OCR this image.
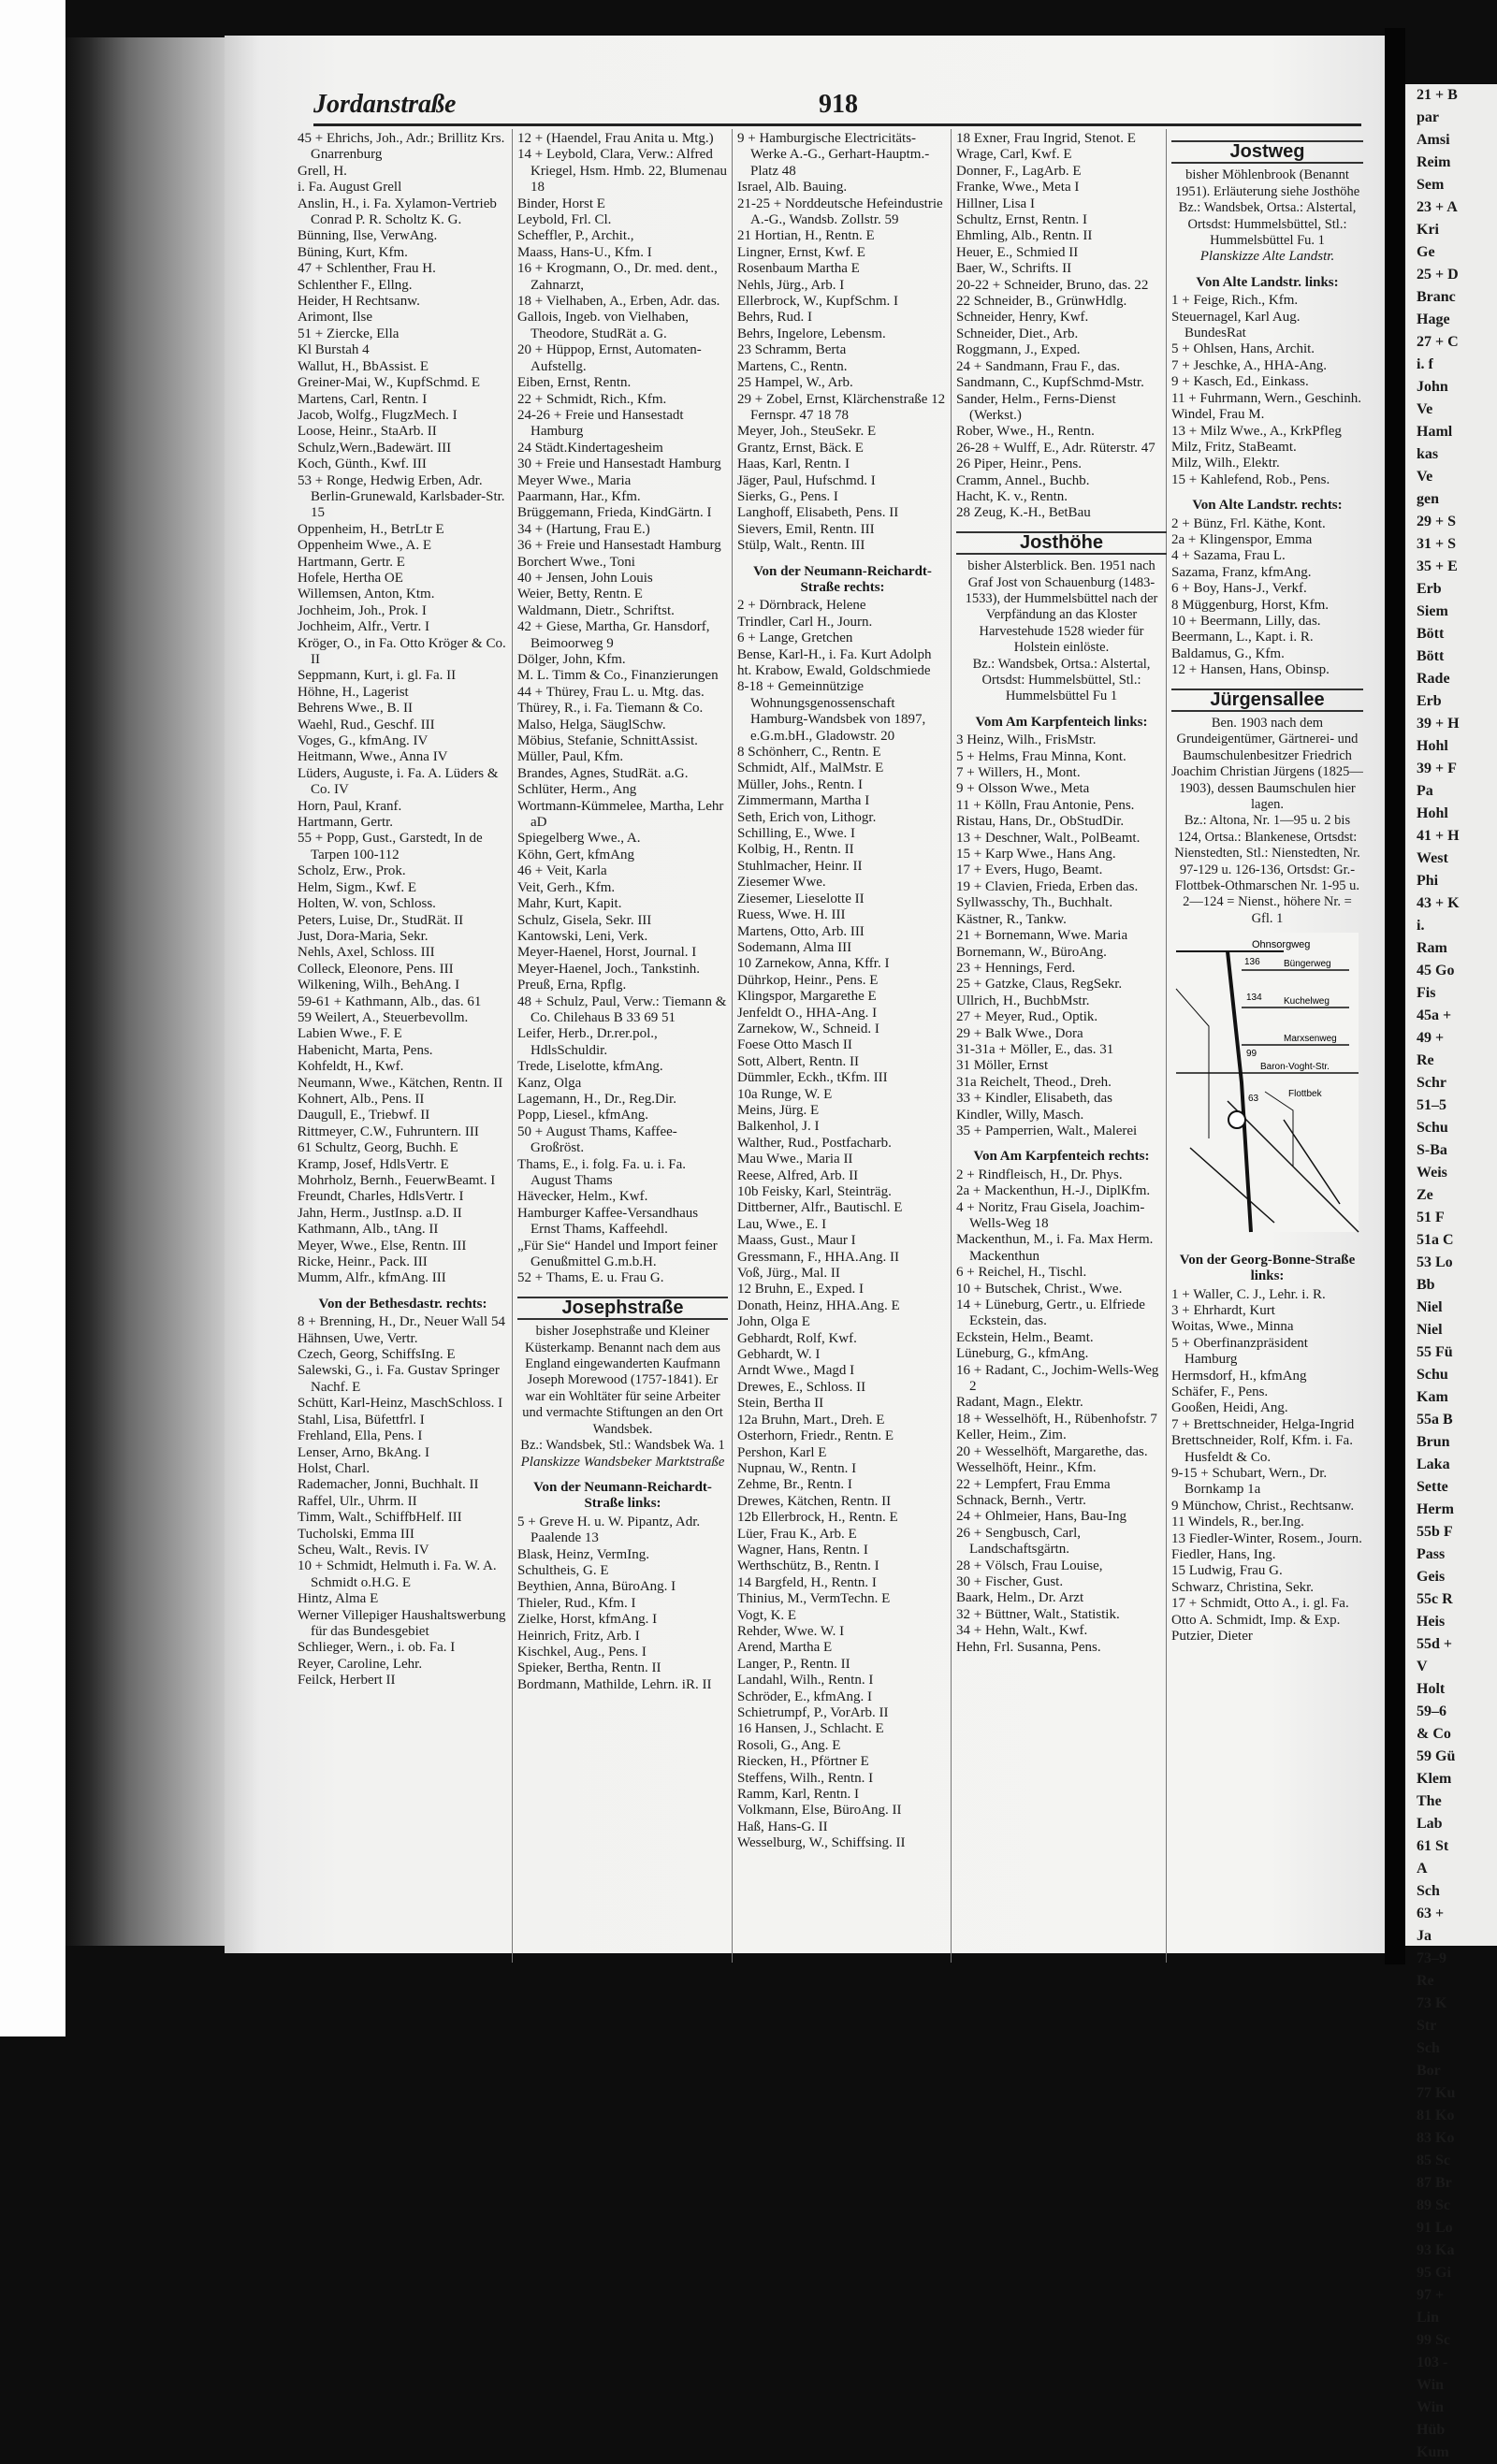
Jordanstraße	918

45 + Ehrichs, Joh., Adr.; Brillitz Krs. Gnarrenburg

Grell, H.

i. Fa. August Grell

Anslin, H., i. Fa. Xylamon-Vertrieb Conrad P. R. Scholtz K. G.

Bünning, Ilse, VerwAng.

Büning, Kurt, Kfm.

47 + Schlenther, Frau H.

Schlenther F., Ellng.

Heider, H Rechtsanw.

Arimont, Ilse

51 + Ziercke, Ella

Kl Burstah 4

Wallut, H., BbAssist. E

Greiner-Mai, W., KupfSchmd. E

Martens, Carl, Rentn. I

Jacob, Wolfg., FlugzMech. I

Loose, Heinr., StaArb. II

Schulz,Wern.,Badewärt. III

Koch, Günth., Kwf. III

53 + Ronge, Hedwig Erben, Adr. Berlin-Grunewald, Karlsbader-Str. 15

Oppenheim, H., BetrLtr E

Oppenheim Wwe., A. E

Hartmann, Gertr. E

Hofele, Hertha OE

Willemsen, Anton, Ktm.

Jochheim, Joh., Prok. I

Jochheim, Alfr., Vertr. I

Kröger, O., in Fa. Otto Kröger & Co. II

Seppmann, Kurt, i. gl. Fa. II

Höhne, H., Lagerist

Behrens Wwe., B. II

Waehl, Rud., Geschf. III

Voges, G., kfmAng. IV

Heitmann, Wwe., Anna IV

Lüders, Auguste, i. Fa. A. Lüders & Co. IV

Horn, Paul, Kranf.

Hartmann, Gertr.

55 + Popp, Gust., Garstedt, In de Tarpen 100-112

Scholz, Erw., Prok.

Helm, Sigm., Kwf. E

Holten, W. von, Schloss.

Peters, Luise, Dr., StudRät. II

Just, Dora-Maria, Sekr.

Nehls, Axel, Schloss. III

Colleck, Eleonore, Pens. III

Wilkening, Wilh., BehAng. I

59-61 + Kathmann, Alb., das. 61

59 Weilert, A., Steuerbevollm.

Labien Wwe., F. E

Habenicht, Marta, Pens.

Kohfeldt, H., Kwf.

Neumann, Wwe., Kätchen, Rentn. II

Kohnert, Alb., Pens. II

Daugull, E., Triebwf. II

Rittmeyer, C.W., Fuhruntern. III

61 Schultz, Georg, Buchh. E

Kramp, Josef, HdlsVertr. E

Mohrholz, Bernh., FeuerwBeamt. I

Freundt, Charles, HdlsVertr. I

Jahn, Herm., JustInsp. a.D. II

Kathmann, Alb., tAng. II

Meyer, Wwe., Else, Rentn. III

Ricke, Heinr., Pack. III

Mumm, Alfr., kfmAng. III

Von der Bethesdastr. rechts:

8 + Brenning, H., Dr., Neuer Wall 54

Hähnsen, Uwe, Vertr.

Czech, Georg, SchiffsIng. E

Salewski, G., i. Fa. Gustav Springer Nachf. E

Schütt, Karl-Heinz, MaschSchloss. I

Stahl, Lisa, Büfettfrl. I

Frehland, Ella, Pens. I

Lenser, Arno, BkAng. I

Holst, Charl.

Rademacher, Jonni, Buchhalt. II

Raffel, Ulr., Uhrm. II

Timm, Walt., SchiffbHelf. III

Tucholski, Emma III

Scheu, Walt., Revis. IV

10 + Schmidt, Helmuth i. Fa. W. A. Schmidt o.H.G. E

Hintz, Alma E

Werner Villepiger Haushaltswerbung für das Bundesgebiet

Schlieger, Wern., i. ob. Fa. I

Reyer, Caroline, Lehr.

Feilck, Herbert II

12 + (Haendel, Frau Anita u. Mtg.)

14 + Leybold, Clara, Verw.: Alfred Kriegel, Hsm. Hmb. 22, Blumenau 18

Binder, Horst E

Leybold, Frl. Cl.

Scheffler, P., Archit.,

Maass, Hans-U., Kfm. I

16 + Krogmann, O., Dr. med. dent., Zahnarzt,

18 + Vielhaben, A., Erben, Adr. das.

Gallois, Ingeb. von Vielhaben, Theodore, StudRät a. G.

20 + Hüppop, Ernst, Automaten-Aufstellg.

Eiben, Ernst, Rentn.

22 + Schmidt, Rich., Kfm.

24-26 + Freie und Hansestadt Hamburg

24 Städt.Kindertagesheim

30 + Freie und Hansestadt Hamburg

Meyer Wwe., Maria

Paarmann, Har., Kfm.

Brüggemann, Frieda, KindGärtn. I

34 + (Hartung, Frau E.)

36 + Freie und Hansestadt Hamburg

Borchert Wwe., Toni

40 + Jensen, John Louis

Weier, Betty, Rentn. E

Waldmann, Dietr., Schriftst.

42 + Giese, Martha, Gr. Hansdorf, Beimoorweg 9

Dölger, John, Kfm.

M. L. Timm & Co., Finanzierungen

44 + Thürey, Frau L. u. Mtg. das.

Thürey, R., i. Fa. Tiemann & Co.

Malso, Helga, SäuglSchw.

Möbius, Stefanie, SchnittAssist.

Müller, Paul, Kfm.

Brandes, Agnes, StudRät. a.G.

Schlüter, Herm., Ang

Wortmann-Kümmelee, Martha, Lehr aD

Spiegelberg Wwe., A.

Köhn, Gert, kfmAng

46 + Veit, Karla

Veit, Gerh., Kfm.

Mahr, Kurt, Kapit.

Schulz, Gisela, Sekr. III

Kantowski, Leni, Verk.

Meyer-Haenel, Horst, Journal. I

Meyer-Haenel, Joch., Tankstinh.

Preuß, Erna, Rpflg.

48 + Schulz, Paul, Verw.: Tiemann & Co. Chilehaus B 33 69 51

Leifer, Herb., Dr.rer.pol., HdlsSchuldir.

Trede, Liselotte, kfmAng.

Kanz, Olga

Lagemann, H., Dr., Reg.Dir.

Popp, Liesel., kfmAng.

50 + August Thams, Kaffee-Großröst.

Thams, E., i. folg. Fa. u. i. Fa. August Thams

Hävecker, Helm., Kwf.

Hamburger Kaffee-Versandhaus Ernst Thams, Kaffeehdl.

„Für Sie“ Handel und Import feiner Genußmittel G.m.b.H.

52 + Thams, E. u. Frau G.

Josephstraße

bisher Josephstraße und Kleiner Küsterkamp. Benannt nach dem aus England eingewanderten Kaufmann Joseph Morewood (1757-1841). Er war ein Wohltäter für seine Arbeiter und vermachte Stiftungen an den Ort Wandsbek.

Bz.: Wandsbek, Stl.: Wandsbek Wa. 1

Planskizze Wandsbeker Marktstraße

Von der Neumann-Reichardt-Straße links:

5 + Greve H. u. W. Pipantz, Adr. Paalende 13

Blask, Heinz, VermIng.

Schultheis, G. E

Beythien, Anna, BüroAng. I

Thieler, Rud., Kfm. I

Zielke, Horst, kfmAng. I

Heinrich, Fritz, Arb. I

Kischkel, Aug., Pens. I

Spieker, Bertha, Rentn. II

Bordmann, Mathilde, Lehrn. iR. II

9 + Hamburgische Electricitäts-Werke A.-G., Gerhart-Hauptm.-Platz 48

Israel, Alb. Bauing.

21-25 + Norddeutsche Hefeindustrie A.-G., Wandsb. Zollstr. 59

21 Hortian, H., Rentn. E

Lingner, Ernst, Kwf. E

Rosenbaum Martha E

Nehls, Jürg., Arb. I

Ellerbrock, W., KupfSchm. I

Behrs, Rud. I

Behrs, Ingelore, Lebensm.

23 Schramm, Berta

Martens, C., Rentn.

25 Hampel, W., Arb.

29 + Zobel, Ernst, Klärchenstraße 12 Fernspr. 47 18 78

Meyer, Joh., SteuSekr. E

Grantz, Ernst, Bäck. E

Haas, Karl, Rentn. I

Jäger, Paul, Hufschmd. I

Sierks, G., Pens. I

Langhoff, Elisabeth, Pens. II

Sievers, Emil, Rentn. III

Stülp, Walt., Rentn. III

Von der Neumann-Reichardt-Straße rechts:

2 + Dörnbrack, Helene

Trindler, Carl H., Journ.

6 + Lange, Gretchen

Bense, Karl-H., i. Fa. Kurt Adolph

ht. Krabow, Ewald, Goldschmiede

8-18 + Gemeinnützige Wohnungsgenossenschaft Hamburg-Wandsbek von 1897, e.G.m.bH., Gladowstr. 20

8 Schönherr, C., Rentn. E

Schmidt, Alf., MalMstr. E

Müller, Johs., Rentn. I

Zimmermann, Martha I

Seth, Erich von, Lithogr.

Schilling, E., Wwe. I

Kolbig, H., Rentn. II

Stuhlmacher, Heinr. II

Ziesemer Wwe.

Ziesemer, Lieselotte II

Ruess, Wwe. H. III

Martens, Otto, Arb. III

Sodemann, Alma III

10 Zarnekow, Anna, Kffr. I

Dührkop, Heinr., Pens. E

Klingspor, Margarethe E

Jenfeldt O., HHA-Ang. I

Zarnekow, W., Schneid. I

Foese Otto Masch II

Sott, Albert, Rentn. II

Dümmler, Eckh., tKfm. III

10a Runge, W. E

Meins, Jürg. E

Balkenhol, J. I

Walther, Rud., Postfacharb.

Mau Wwe., Maria II

Reese, Alfred, Arb. II

10b Feisky, Karl, Steinträg.

Dittberner, Alfr., Bautischl. E

Lau, Wwe., E. I

Maass, Gust., Maur I

Gressmann, F., HHA.Ang. II

Voß, Jürg., Mal. II

12 Bruhn, E., Exped. I

Donath, Heinz, HHA.Ang. E

John, Olga E

Gebhardt, Rolf, Kwf.

Gebhardt, W. I

Arndt Wwe., Magd I

Drewes, E., Schloss. II

Stein, Bertha II

12a Bruhn, Mart., Dreh. E

Osterhorn, Friedr., Rentn. E

Pershon, Karl E

Nupnau, W., Rentn. I

Zehme, Br., Rentn. I

Drewes, Kätchen, Rentn. II

12b Ellerbrock, H., Rentn. E

Lüer, Frau K., Arb. E

Wagner, Hans, Rentn. I

Werthschütz, B., Rentn. I

14 Bargfeld, H., Rentn. I

Thinius, M., VermTechn. E

Vogt, K. E

Rehder, Wwe. W. I

Arend, Martha E

Langer, P., Rentn. II

Landahl, Wilh., Rentn. I

Schröder, E., kfmAng. I

Schietrumpf, P., VorArb. II

16 Hansen, J., Schlacht. E

Rosoli, G., Ang. E

Riecken, H., Pförtner E

Steffens, Wilh., Rentn. I

Ramm, Karl, Rentn. I

Volkmann, Else, BüroAng. II

Haß, Hans-G. II

Wesselburg, W., Schiffsing. II

18 Exner, Frau Ingrid, Stenot. E

Wrage, Carl, Kwf. E

Donner, F., LagArb. E

Franke, Wwe., Meta I

Hillner, Lisa I

Schultz, Ernst, Rentn. I

Ehmling, Alb., Rentn. II

Heuer, E., Schmied II

Baer, W., Schrifts. II

20-22 + Schneider, Bruno, das. 22

22 Schneider, B., GrünwHdlg.

Schneider, Henry, Kwf.

Schneider, Diet., Arb.

Roggmann, J., Exped.

24 + Sandmann, Frau F., das.

Sandmann, C., KupfSchmd-Mstr.

Sander, Helm., Ferns-Dienst (Werkst.)

Rober, Wwe., H., Rentn.

26-28 + Wulff, E., Adr. Rüterstr. 47

26 Piper, Heinr., Pens.

Cramm, Annel., Buchb.

Hacht, K. v., Rentn.

28 Zeug, K.-H., BetBau

Josthöhe

bisher Alsterblick. Ben. 1951 nach Graf Jost von Schauenburg (1483-1533), der Hummelsbüttel nach der Verpfändung an das Kloster Harvestehude 1528 wieder für Holstein einlöste.

Bz.: Wandsbek, Ortsa.: Alstertal, Ortsdst: Hummelsbüttel, Stl.: Hummelsbüttel Fu 1

Vom Am Karpfenteich links:

3 Heinz, Wilh., FrisMstr.

5 + Helms, Frau Minna, Kont.

7 + Willers, H., Mont.

9 + Olsson Wwe., Meta

11 + Kölln, Frau Antonie, Pens.

Ristau, Hans, Dr., ObStudDir.

13 + Deschner, Walt., PolBeamt.

15 + Karp Wwe., Hans Ang.

17 + Evers, Hugo, Beamt.

19 + Clavien, Frieda, Erben das.

Syllwasschy, Th., Buchhalt.

Kästner, R., Tankw.

21 + Bornemann, Wwe. Maria

Bornemann, W., BüroAng.

23 + Hennings, Ferd.

25 + Gatzke, Claus, RegSekr.

Ullrich, H., BuchbMstr.

27 + Meyer, Rud., Optik.

29 + Balk Wwe., Dora

31-31a + Möller, E., das. 31

31 Möller, Ernst

31a Reichelt, Theod., Dreh.

33 + Kindler, Elisabeth, das

Kindler, Willy, Masch.

35 + Pamperrien, Walt., Malerei

Von Am Karpfenteich rechts:

2 + Rindfleisch, H., Dr. Phys.

2a + Mackenthun, H.-J., DiplKfm.

4 + Noritz, Frau Gisela, Joachim-Wells-Weg 18

Mackenthun, M., i. Fa. Max Herm. Mackenthun

6 + Reichel, H., Tischl.

10 + Butschek, Christ., Wwe.

14 + Lüneburg, Gertr., u. Elfriede Eckstein, das.

Eckstein, Helm., Beamt.

Lüneburg, G., kfmAng.

16 + Radant, C., Jochim-Wells-Weg 2

Radant, Magn., Elektr.

18 + Wesselhöft, H., Rübenhofstr. 7

Keller, Heim., Zim.

20 + Wesselhöft, Margarethe, das.

Wesselhöft, Heinr., Kfm.

22 + Lempfert, Frau Emma

Schnack, Bernh., Vertr.

24 + Ohlmeier, Hans, Bau-Ing

26 + Sengbusch, Carl, Landschaftsgärtn.

28 + Völsch, Frau Louise,

30 + Fischer, Gust.

Baark, Helm., Dr. Arzt

32 + Büttner, Walt., Statistik.

34 + Hehn, Walt., Kwf.

Hehn, Frl. Susanna, Pens.

Jostweg

bisher Möhlenbrook (Benannt 1951). Erläuterung siehe Josthöhe

Bz.: Wandsbek, Ortsa.: Alstertal, Ortsdst: Hummelsbüttel, Stl.: Hummelsbüttel Fu. 1

Planskizze Alte Landstr.

Von Alte Landstr. links:

1 + Feige, Rich., Kfm.

Steuernagel, Karl Aug. BundesRat

5 + Ohlsen, Hans, Archit.

7 + Jeschke, A., HHA-Ang.

9 + Kasch, Ed., Einkass.

11 + Fuhrmann, Wern., Geschinh.

Windel, Frau M.

13 + Milz Wwe., A., KrkPfleg

Milz, Fritz, StaBeamt.

Milz, Wilh., Elektr.

15 + Kahlefend, Rob., Pens.

Von Alte Landstr. rechts:

2 + Bünz, Frl. Käthe, Kont.

2a + Klingenspor, Emma

4 + Sazama, Frau L.

Sazama, Franz, kfmAng.

6 + Boy, Hans-J., Verkf.

8 Müggenburg, Horst, Kfm.

10 + Beermann, Lilly, das.

Beermann, L., Kapt. i. R.

Baldamus, G., Kfm.

12 + Hansen, Hans, Obinsp.

Jürgensallee

Ben. 1903 nach dem Grundeigentümer, Gärtnerei- und Baumschulenbesitzer Friedrich Joachim Christian Jürgens (1825—1903), dessen Baumschulen hier lagen.

Bz.: Altona, Nr. 1—95 u. 2 bis 124, Ortsa.: Blankenese, Ortsdst: Nienstedten, Stl.: Nienstedten, Nr. 97-129 u. 126-136, Ortsdst: Gr.-Flottbek-Othmarschen Nr. 1-95 u. 2—124 = Nienst., höhere Nr. = Gfl. 1

Ohnsorgweg
Büngerweg
Kuchelweg
Marxsenweg
Baron-Voght-Str.
Flottbek
136
134
99
63

Von der Georg-Bonne-Straße links:

1 + Waller, C. J., Lehr. i. R.

3 + Ehrhardt, Kurt

Woitas, Wwe., Minna

5 + Oberfinanzpräsident Hamburg

Hermsdorf, H., kfmAng

Schäfer, F., Pens.

Gooßen, Heidi, Ang.

7 + Brettschneider, Helga-Ingrid

Brettschneider, Rolf, Kfm. i. Fa. Husfeldt & Co.

9-15 + Schubart, Wern., Dr. Bornkamp 1a

9 Münchow, Christ., Rechtsanw.

11 Windels, R., ber.Ing.

13 Fiedler-Winter, Rosem., Journ.

Fiedler, Hans, Ing.

15 Ludwig, Frau G.

Schwarz, Christina, Sekr.

17 + Schmidt, Otto A., i. gl. Fa.

Otto A. Schmidt, Imp. & Exp.

Putzier, Dieter

21 + B
par
Amsi
Reim
Sem
23 + A
Kri
Ge
25 + D
Branc
Hage
27 + C
i. f
John
Ve
Haml
kas
Ve
gen
29 + S
31 + S
35 + E
Erb
Siem
Bött
Bött
Rade
Erb
39 + H
Hohl
39 + F
Pa
Hohl
41 + H
West
Phi
43 + K
i.
Ram
45 Go
Fis
45a +
49 +
Re
Schr
51–5
Schu
S-Ba
Weis
Ze
51 F
51a C
53 Lo
Bb
Niel
Niel
55 Fü
Schu
Kam
55a B
Brun
Laka
Sette
Herm
55b F
Pass
Geis
55c R
Heis
55d +
V
Holt
59–6
& Co
59 Gü
Klem
The
Lab
61 St
A
Sch
63 +
Ja
73–9
Re
73 K
Str
Sch
Bor
77 Ku
81 Ko
83 Ko
85 Sc
87 Br
89 Sc
91 Lo
93 Ka
95 Gi
97 +
Lin
99 Sc
103 -
Win
Win
Hüb
Kum
